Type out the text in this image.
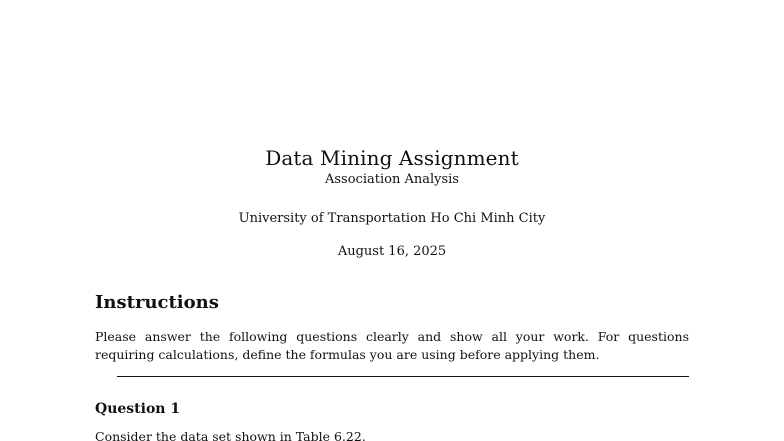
Data Mining Assignment
Association Analysis
University of Transportation Ho Chi Minh City
August 16, 2025
Instructions
Please answer the following questions clearly and show all your work. For questions requiring calculations, define the formulas you are using before applying them.
Question 1
Consider the data set shown in Table 6.22.
